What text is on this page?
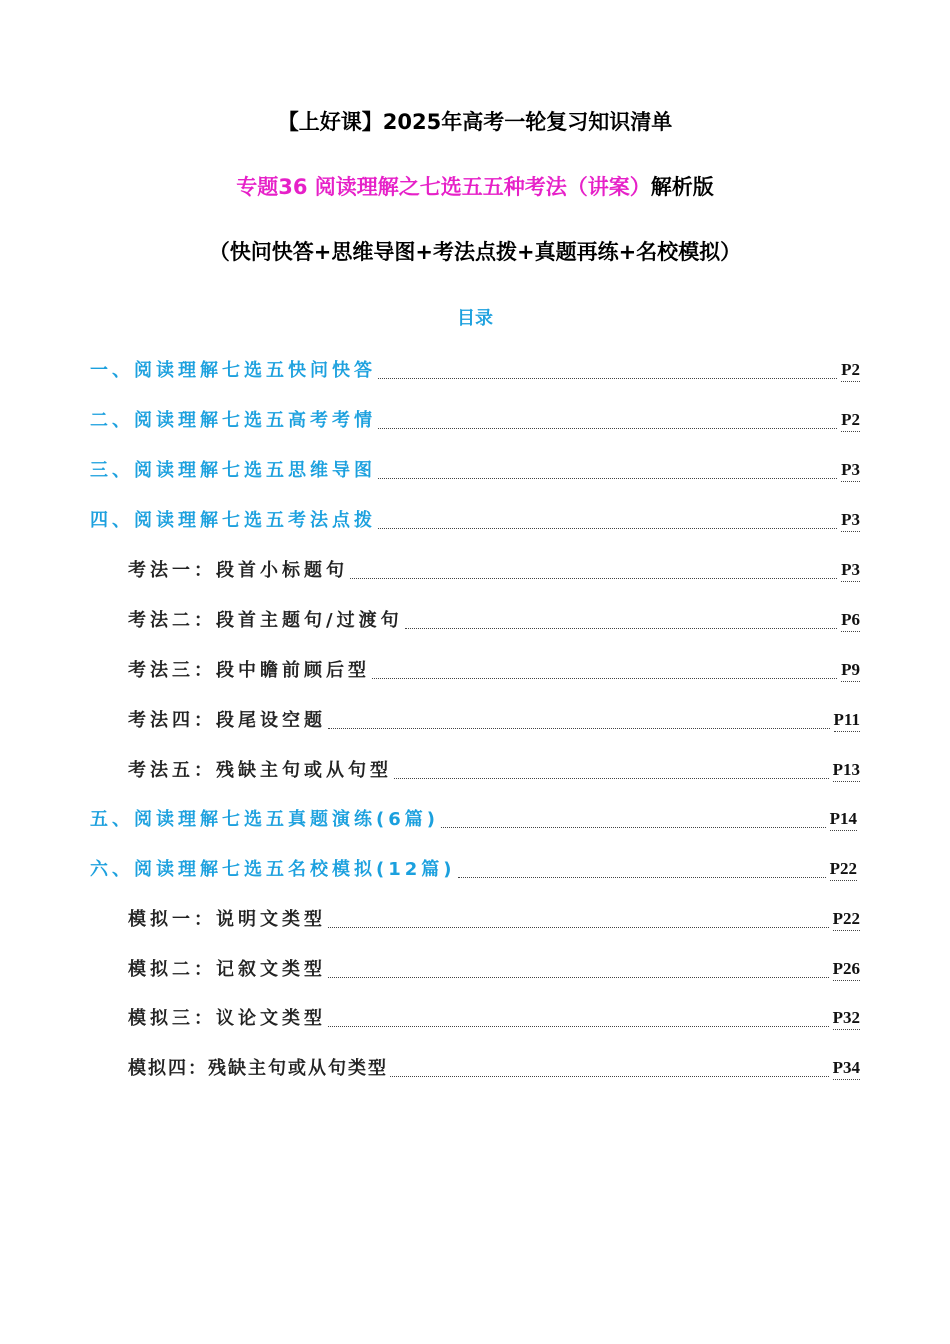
【上好课】2025年高考一轮复习知识清单
专题36 阅读理解之七选五五种考法（讲案）解析版
（快问快答+思维导图+考法点拨+真题再练+名校模拟）
目录
一、阅读理解七选五快问快答	P2
二、阅读理解七选五高考考情	P2
三、阅读理解七选五思维导图	P3
四、阅读理解七选五考法点拨	P3
考法一：段首小标题句	P3
考法二：段首主题句/过渡句	P6
考法三：段中瞻前顾后型	P9
考法四：段尾设空题	P11
考法五：残缺主句或从句型	P13
五、阅读理解七选五真题演练(6篇)	P14
六、阅读理解七选五名校模拟(12篇)	P22
模拟一：说明文类型	P22
模拟二：记叙文类型	P26
模拟三：议论文类型	P32
模拟四：残缺主句或从句类型	P34
